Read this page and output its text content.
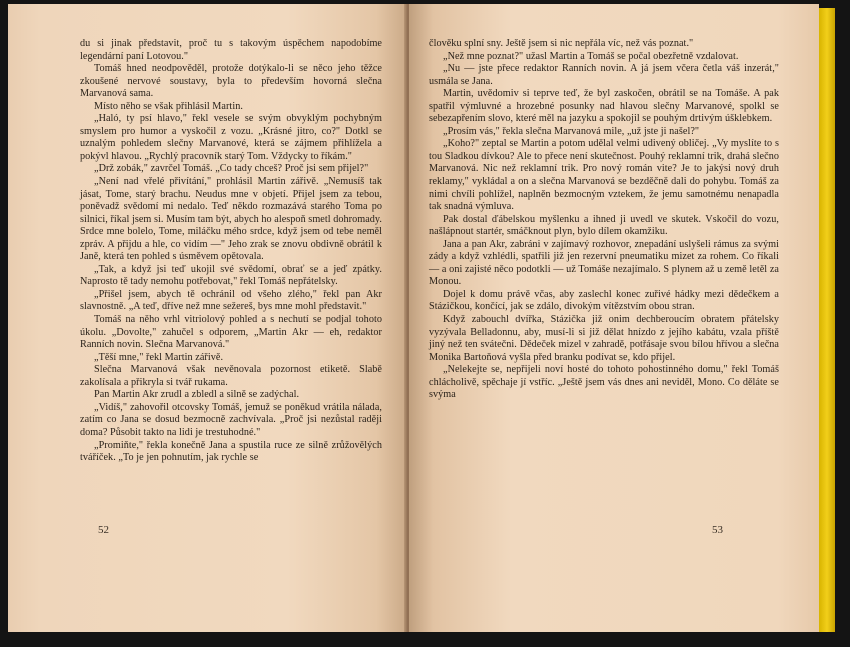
du si jinak představit, proč tu s takovým úspěchem napodobíme legendární paní Lotovou."

Tomáš hned neodpověděl, protože dotýkalo-li se něco jeho těžce zkoušené nervové soustavy, byla to především hovorná slečna Marvanová sama.

Místo něho se však přihlásil Martin.

„Haló, ty psí hlavo," řekl vesele se svým obvyklým pochybným smyslem pro humor a vyskočil z vozu. „Krásné jitro, co?" Dotkl se uznalým pohledem slečny Marvanové, která se zájmem přihlížela a pokývl hlavou. „Rychlý pracovník starý Tom. Vždycky to říkám."

„Drž zobák," zavrčel Tomáš. „Co tady chceš? Proč jsi sem přijel?"

„Není nad vřelé přivítání," prohlásil Martin zářivě. „Nemusíš tak jásat, Tome, starý brachu. Neudus mne v objetí. Přijel jsem za tebou, poněvadž svědomí mi nedalo. Teď někdo rozmazává starého Toma po silnici, říkal jsem si. Musím tam být, abych ho alespoň smetl dohromady. Srdce mne bolelo, Tome, miláčku mého srdce, když jsem od tebe neměl zpráv. A přijdu a hle, co vidím —" Jeho zrak se znovu obdivně obrátil k Janě, která ten pohled s úsměvem opětovala.

„Tak, a když jsi teď ukojil své svědomí, obrať se a jeď zpátky. Naprosto tě tady nemohu potřebovat," řekl Tomáš nepřátelsky.

„Přišel jsem, abych tě ochránil od všeho zlého," řekl pan Akr slavnostně. „A teď, dříve než mne sežereš, bys mne mohl představit."

Tomáš na něho vrhl vitriolový pohled a s nechutí se podjal tohoto úkolu. „Dovolte," zahučel s odporem, „Martin Akr — eh, redaktor Ranních novin. Slečna Marvanová."

„Těší mne," řekl Martin zářivě.

Slečna Marvanová však nevěnovala pozornost etiketě. Slabě zakolísala a přikryla si tvář rukama.

Pan Martin Akr zrudl a zbledl a silně se zadýchal.

„Vidíš," zahovořil otcovsky Tomáš, jemuž se poněkud vrátila nálada, zatím co Jana se dosud bezmocně zachvívala. „Proč jsi nezůstal raději doma? Působit takto na lidi je trestuhodné."

„Promiňte," řekla konečně Jana a spustila ruce ze silně zrůžovělých tváříček. „To je jen pohnutím, jak rychle se

52

člověku splní sny. Ještě jsem si nic nepřála víc, než vás poznat."

„Než mne poznat?" užasl Martin a Tomáš se počal obezřetně vzdalovat.

„Nu — jste přece redaktor Ranních novin. A já jsem včera četla váš inzerát," usmála se Jana.

Martin, uvědomiv si teprve teď, že byl zaskočen, obrátil se na Tomáše. A pak spatřil výmluvné a hrozebné posunky nad hlavou slečny Marvanové, spolkl se sebezapřením slovo, které měl na jazyku a spokojil se pouhým drtivým úšklebkem.

„Prosím vás," řekla slečna Marvanová mile, „už jste ji našel?"

„Koho?" zeptal se Martin a potom udělal velmi udivený obličej. „Vy myslíte to s tou Sladkou dívkou? Ale to přece není skutečnost. Pouhý reklamní trik, drahá slečno Marvanová. Nic než reklamní trik. Pro nový román vite? Je to jakýsi nový druh reklamy," vykládal a on a slečna Marvanová se bezděčně dali do pohybu. Tomáš za nimi chvíli pohlížel, naplněn bezmocným vztekem, že jemu samotnému nenapadla tak snadná výmluva.

Pak dostal ďábelskou myšlenku a ihned ji uvedl ve skutek. Vskočil do vozu, našlápnout startér, smáčknout plyn, bylo dílem okamžiku.

Jana a pan Akr, zabráni v zajímavý rozhovor, znepadání uslyšeli rámus za svými zády a když vzhlédli, spatřili již jen rezervní pneumatiku mizet za rohem. Co říkali — a oni zajisté něco podotkli — už Tomáše nezajímalo. S plynem až u země letěl za Monou.

Dojel k domu právě včas, aby zaslechl konec zuřivé hádky mezi dědečkem a Stázičkou, končící, jak se zdálo, divokým vítězstvím obou stran.

Když zabouchl dvířka, Stázička již onim dechberoucím obratem přátelsky vyzývala Belladonnu, aby, musí-li si již dělat hnízdo z jejího kabátu, vzala příště jiný než ten svátečni. Dědeček mizel v zahradě, potřásaje svou bílou hřívou a slečna Monika Bartoňová vyšla před branku podívat se, kdo přijel.

„Nelekejte se, nepřijeli noví hosté do tohoto pohostinného domu," řekl Tomáš chlácholivě, spěchaje jí vstříc. „Ještě jsem vás dnes ani neviděl, Mono. Co děláte se svýma

53
